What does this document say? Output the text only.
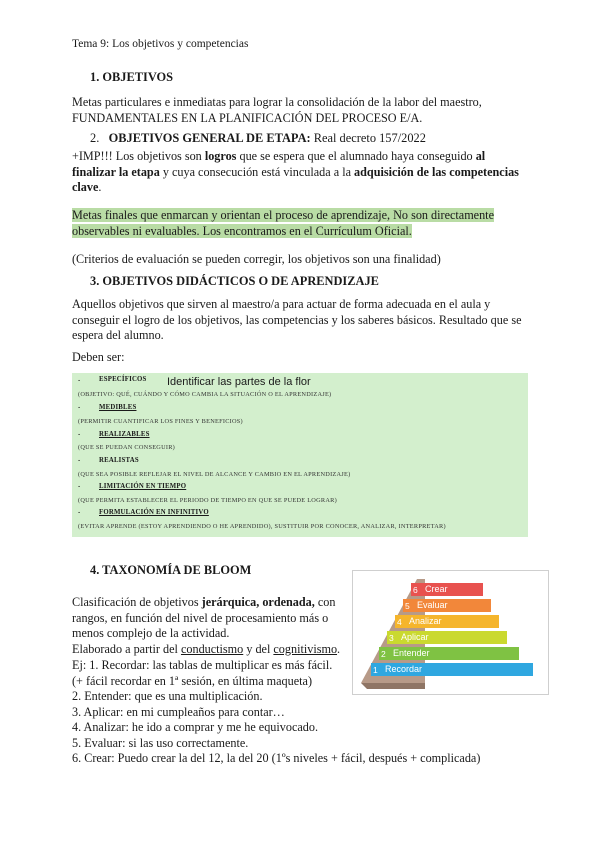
Tema 9: Los objetivos y competencias
1. OBJETIVOS
Metas particulares e inmediatas para lograr la consolidación de la labor del maestro,
FUNDAMENTALES EN LA PLANIFICACIÓN DEL PROCESO E/A.
2. OBJETIVOS GENERAL DE ETAPA: Real decreto 157/2022
+IMP!!! Los objetivos son logros que se espera que el alumnado haya conseguido al
finalizar la etapa y cuya consecución está vinculada a la adquisición de las competencias
clave.
Metas finales que enmarcan y orientan el proceso de aprendizaje, No son directamente
observables ni evaluables. Los encontramos en el Currículum Oficial.
(Criterios de evaluación se pueden corregir, los objetivos son una finalidad)
3. OBJETIVOS DIDÁCTICOS O DE APRENDIZAJE
Aquellos objetivos que sirven al maestro/a para actuar de forma adecuada en el aula y
conseguir el logro de los objetivos, las competencias y los saberes básicos. Resultado que se
espera del alumno.
Deben ser:
-	ESPECÍFICOS
(OBJETIVO: QUÉ, CUÁNDO Y CÓMO CAMBIA LA SITUACIÓN O EL APRENDIZAJE)
Identificar las partes de la flor
-	MEDIBLES
(PERMITIR CUANTIFICAR LOS FINES Y BENEFICIOS)
-	REALIZABLES
(QUE SE PUEDAN CONSEGUIR)
-	REALISTAS
(QUE SEA POSIBLE REFLEJAR EL NIVEL DE ALCANCE Y CAMBIO EN EL APRENDIZAJE)
-	LIMITACIÓN EN TIEMPO
(QUE PERMITA ESTABLECER EL PERIODO DE TIEMPO EN QUE SE PUEDE LOGRAR)
-	FORMULACIÓN EN INFINITIVO
(EVITAR APRENDE (ESTOY APRENDIENDO O HE APRENDIDO), SUSTITUIR POR CONOCER, ANALIZAR, INTERPRETAR)
4. TAXONOMÍA DE BLOOM
Clasificación de objetivos jerárquica, ordenada, con
rangos, en función del nivel de procesamiento más o
menos complejo de la actividad.
Elaborado a partir del conductismo y del cognitivismo.
Ej: 1. Recordar: las tablas de multiplicar es más fácil.
(+ fácil recordar en 1ª sesión, en última maqueta)
2. Entender: que es una multiplicación.
3. Aplicar: en mi cumpleaños para contar…
4. Analizar: he ido a comprar y me he equivocado.
5. Evaluar: si las uso correctamente.
6. Crear: Puedo crear la del 12, la del 20 (1ºs niveles + fácil, después + complicada)
Crear
Evaluar
Analizar
Aplicar
Entender
Recordar
6
5
4
3
2
1
